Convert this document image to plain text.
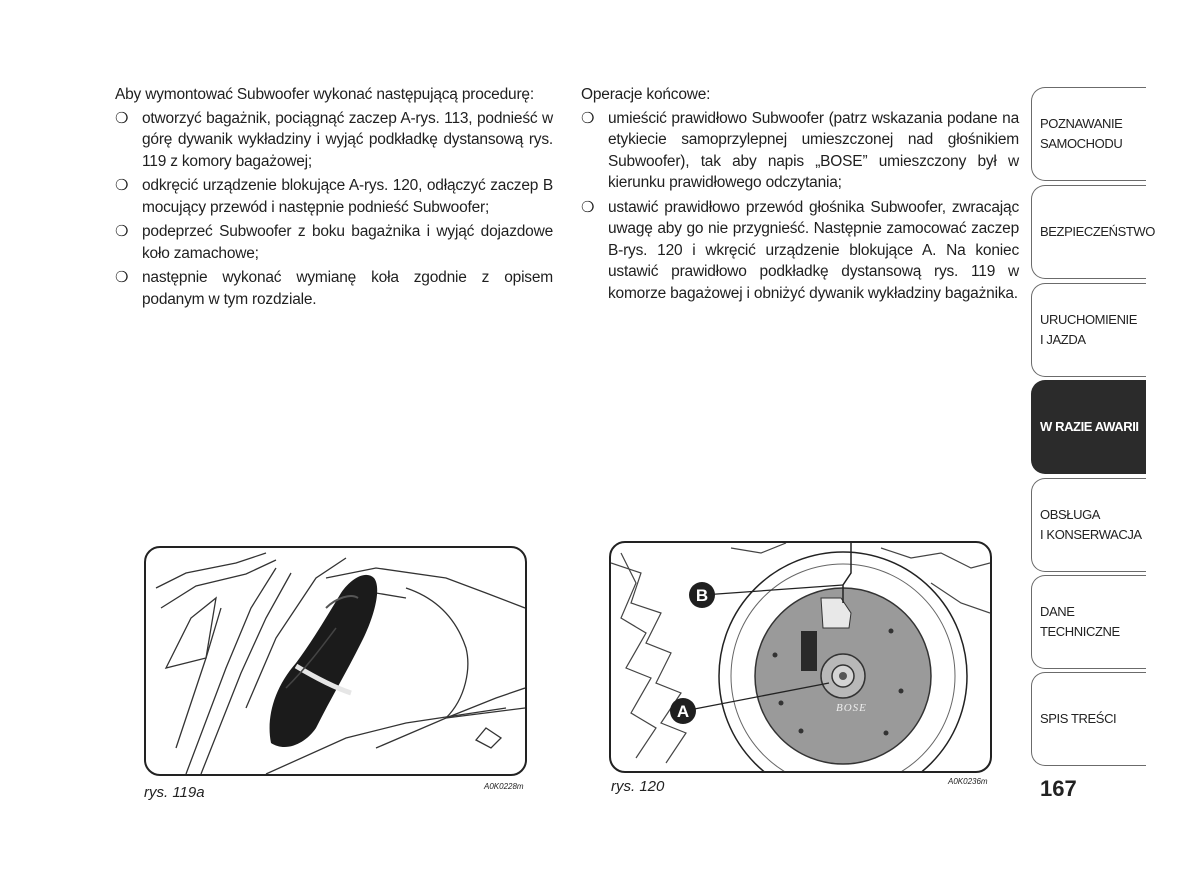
Aby wymontować Subwoofer wykonać następującą procedurę:

❍ otworzyć bagażnik, pociągnąć zaczep A-rys. 113, podnieść w górę dywanik wykładziny i wyjąć podkładkę dystansową rys. 119 z komory bagażowej;
❍ odkręcić urządzenie blokujące A-rys. 120, odłączyć zaczep B mocujący przewód i następnie podnieść Subwoofer;
❍ podeprzeć Subwoofer z boku bagażnika i wyjąć dojazdowe koło zamachowe;
❍ następnie wykonać wymianę koła zgodnie z opisem podanym w tym rozdziale.

Operacje końcowe:

❍ umieścić prawidłowo Subwoofer (patrz wskazania podane na etykiecie samoprzylepnej umieszczonej nad głośnikiem Subwoofer), tak aby napis „BOSE” umieszczony był w kierunku prawidłowego odczytania;
❍ ustawić prawidłowo przewód głośnika Subwoofer, zwracając uwagę aby go nie przygnieść. Następnie zamocować zaczep B-rys. 120 i wkręcić urządzenie blokujące A. Na koniec ustawić prawidłowo podkładkę dystansową rys. 119 w komorze bagażowej i obniżyć dywanik wykładziny bagażnika.
rys. 119a	A0K0228m
BOSE
B
A
rys. 120	A0K0236m
POZNAWANIE
SAMOCHODU
BEZPIECZEŃSTWO
URUCHOMIENIE
I JAZDA
W RAZIE AWARII
OBSŁUGA
I KONSERWACJA
DANE
TECHNICZNE
SPIS TREŚCI
167
